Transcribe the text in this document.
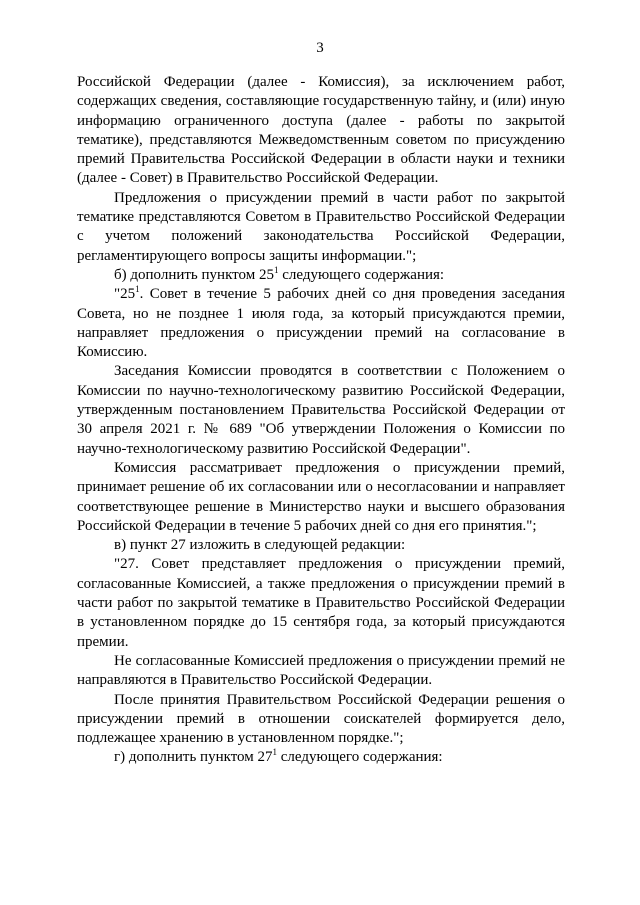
3

Российской Федерации (далее - Комиссия), за исключением работ, содержащих сведения, составляющие государственную тайну, и (или) иную информацию ограниченного доступа (далее - работы по закрытой тематике), представляются Межведомственным советом по присуждению премий Правительства Российской Федерации в области науки и техники (далее - Совет) в Правительство Российской Федерации.

Предложения о присуждении премий в части работ по закрытой тематике представляются Советом в Правительство Российской Федерации с учетом положений законодательства Российской Федерации, регламентирующего вопросы защиты информации.";

б) дополнить пунктом $25^1$ следующего содержания:

"$25^1$. Совет в течение 5 рабочих дней со дня проведения заседания Совета, но не позднее 1 июля года, за который присуждаются премии, направляет предложения о присуждении премий на согласование в Комиссию.

Заседания Комиссии проводятся в соответствии с Положением о Комиссии по научно-технологическому развитию Российской Федерации, утвержденным постановлением Правительства Российской Федерации от 30 апреля 2021 г. № 689 "Об утверждении Положения о Комиссии по научно-технологическому развитию Российской Федерации".

Комиссия рассматривает предложения о присуждении премий, принимает решение об их согласовании или о несогласовании и направляет соответствующее решение в Министерство науки и высшего образования Российской Федерации в течение 5 рабочих дней со дня его принятия.";

в) пункт 27 изложить в следующей редакции:

"27. Совет представляет предложения о присуждении премий, согласованные Комиссией, а также предложения о присуждении премий в части работ по закрытой тематике в Правительство Российской Федерации в установленном порядке до 15 сентября года, за который присуждаются премии.

Не согласованные Комиссией предложения о присуждении премий не направляются в Правительство Российской Федерации.

После принятия Правительством Российской Федерации решения о присуждении премий в отношении соискателей формируется дело, подлежащее хранению в установленном порядке.";

г) дополнить пунктом $27^1$ следующего содержания:
